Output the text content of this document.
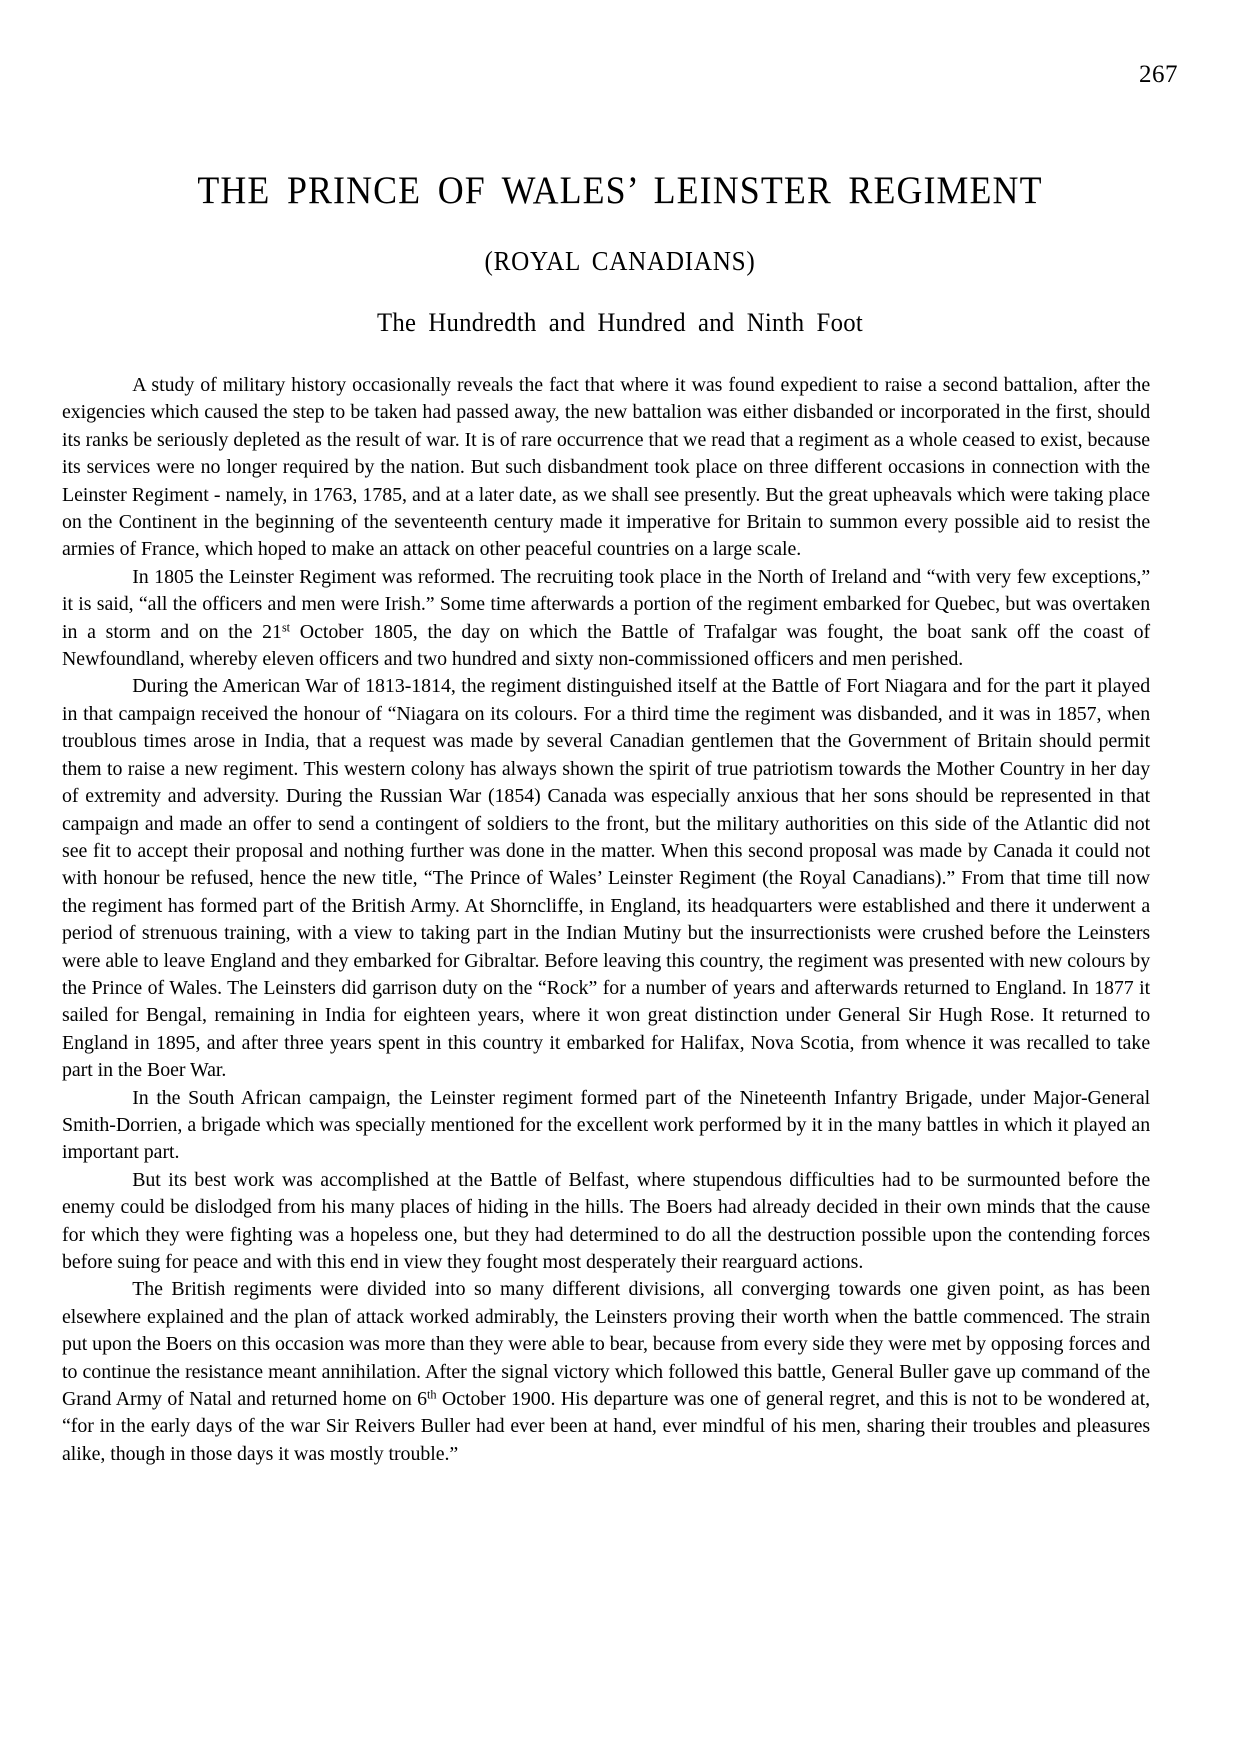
267
THE PRINCE OF WALES’ LEINSTER REGIMENT
(ROYAL CANADIANS)
The Hundredth and Hundred and Ninth Foot

A study of military history occasionally reveals the fact that where it was found expedient to raise a second battalion, after the exigencies which caused the step to be taken had passed away, the new battalion was either disbanded or incorporated in the first, should its ranks be seriously depleted as the result of war. It is of rare occurrence that we read that a regiment as a whole ceased to exist, because its services were no longer required by the nation. But such disbandment took place on three different occasions in connection with the Leinster Regiment - namely, in 1763, 1785, and at a later date, as we shall see presently. But the great upheavals which were taking place on the Continent in the beginning of the seventeenth century made it imperative for Britain to summon every possible aid to resist the armies of France, which hoped to make an attack on other peaceful countries on a large scale.

In 1805 the Leinster Regiment was reformed. The recruiting took place in the North of Ireland and “with very few exceptions,” it is said, “all the officers and men were Irish.” Some time afterwards a portion of the regiment embarked for Quebec, but was overtaken in a storm and on the 21st October 1805, the day on which the Battle of Trafalgar was fought, the boat sank off the coast of Newfoundland, whereby eleven officers and two hundred and sixty non-commissioned officers and men perished.

During the American War of 1813-1814, the regiment distinguished itself at the Battle of Fort Niagara and for the part it played in that campaign received the honour of “Niagara on its colours. For a third time the regiment was disbanded, and it was in 1857, when troublous times arose in India, that a request was made by several Canadian gentlemen that the Government of Britain should permit them to raise a new regiment. This western colony has always shown the spirit of true patriotism towards the Mother Country in her day of extremity and adversity. During the Russian War (1854) Canada was especially anxious that her sons should be represented in that campaign and made an offer to send a contingent of soldiers to the front, but the military authorities on this side of the Atlantic did not see fit to accept their proposal and nothing further was done in the matter. When this second proposal was made by Canada it could not with honour be refused, hence the new title, “The Prince of Wales’ Leinster Regiment (the Royal Canadians).” From that time till now the regiment has formed part of the British Army. At Shorncliffe, in England, its headquarters were established and there it underwent a period of strenuous training, with a view to taking part in the Indian Mutiny but the insurrectionists were crushed before the Leinsters were able to leave England and they embarked for Gibraltar. Before leaving this country, the regiment was presented with new colours by the Prince of Wales. The Leinsters did garrison duty on the “Rock” for a number of years and afterwards returned to England. In 1877 it sailed for Bengal, remaining in India for eighteen years, where it won great distinction under General Sir Hugh Rose. It returned to England in 1895, and after three years spent in this country it embarked for Halifax, Nova Scotia, from whence it was recalled to take part in the Boer War.

In the South African campaign, the Leinster regiment formed part of the Nineteenth Infantry Brigade, under Major-General Smith-Dorrien, a brigade which was specially mentioned for the excellent work performed by it in the many battles in which it played an important part.

But its best work was accomplished at the Battle of Belfast, where stupendous difficulties had to be surmounted before the enemy could be dislodged from his many places of hiding in the hills. The Boers had already decided in their own minds that the cause for which they were fighting was a hopeless one, but they had determined to do all the destruction possible upon the contending forces before suing for peace and with this end in view they fought most desperately their rearguard actions.

The British regiments were divided into so many different divisions, all converging towards one given point, as has been elsewhere explained and the plan of attack worked admirably, the Leinsters proving their worth when the battle commenced. The strain put upon the Boers on this occasion was more than they were able to bear, because from every side they were met by opposing forces and to continue the resistance meant annihilation. After the signal victory which followed this battle, General Buller gave up command of the Grand Army of Natal and returned home on 6th October 1900. His departure was one of general regret, and this is not to be wondered at, “for in the early days of the war Sir Reivers Buller had ever been at hand, ever mindful of his men, sharing their troubles and pleasures alike, though in those days it was mostly trouble.”
